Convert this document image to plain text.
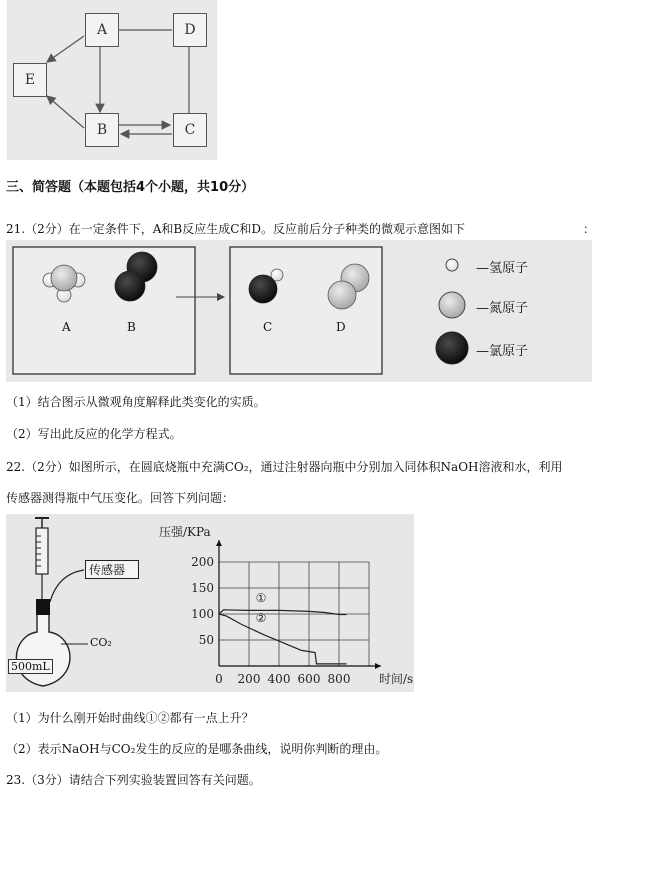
A	D
B	C
E
三、简答题（本题包括4个小题，共10分）
21.（2分）在一定条件下，A和B反应生成C和D。反应前后分子种类的微观示意图如下	：
A	B	C	D
—氢原子
—氮原子
—氯原子
（1）结合图示从微观角度解释此类变化的实质。
（2）写出此反应的化学方程式。
22.（2分）如图所示，在圆底烧瓶中充满CO₂，通过注射器向瓶中分别加入同体积NaOH溶液和水，利用
传感器测得瓶中气压变化。回答下列问题：
传感器
CO₂
500mL
50
100
150
200
0 200 400 600 800
压强/KPa
时间/s
①
②
（1）为什么刚开始时曲线①②都有一点上升？
（2）表示NaOH与CO₂发生的反应的是哪条曲线，说明你判断的理由。
23.（3分）请结合下列实验装置回答有关问题。
